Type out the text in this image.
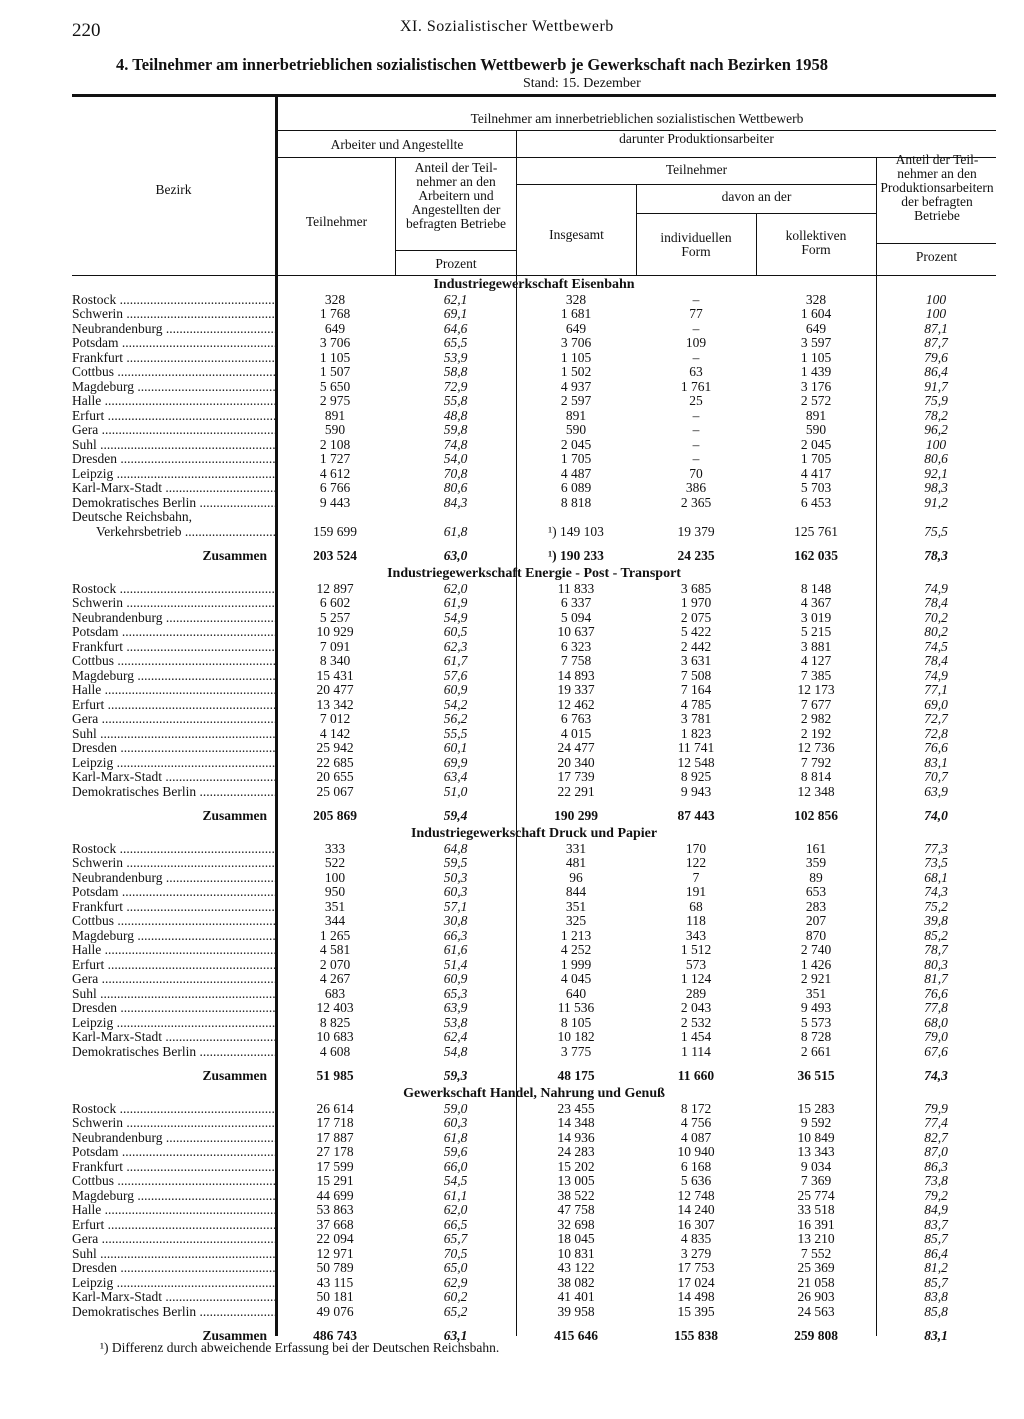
220	XI. Sozialistischer Wettbewerb
4. Teilnehmer am innerbetrieblichen sozialistischen Wettbewerb je Gewerkschaft nach Bezirken 1958
Stand: 15. Dezember
Bezirk
Teilnehmer am innerbetrieblichen sozialistischen Wettbewerb
Arbeiter und Angestellte	darunter Produktionsarbeiter
Teilnehmer
Anteil der Teilnehmer an den Arbeitern und Angestellten der befragten Betriebe
Prozent
Teilnehmer
Insgesamt
davon an der
individuellen Form
kollektiven Form
Anteil der Teilnehmer an den Produktionsarbeitern der befragten Betriebe
Prozent
Industriegewerkschaft Eisenbahn						
Rostock .....	328	62,1	328	–	328	100
Schwerin .....	1 768	69,1	1 681	77	1 604	100
Neubrandenburg .....	649	64,6	649	–	649	87,1
Potsdam .....	3 706	65,5	3 706	109	3 597	87,7
Frankfurt .....	1 105	53,9	1 105	–	1 105	79,6
Cottbus .....	1 507	58,8	1 502	63	1 439	86,4
Magdeburg .....	5 650	72,9	4 937	1 761	3 176	91,7
Halle .....	2 975	55,8	2 597	25	2 572	75,9
Erfurt .....	891	48,8	891	–	891	78,2
Gera .....	590	59,8	590	–	590	96,2
Suhl .....	2 108	74,8	2 045	–	2 045	100
Dresden .....	1 727	54,0	1 705	–	1 705	80,6
Leipzig .....	4 612	70,8	4 487	70	4 417	92,1
Karl-Marx-Stadt .....	6 766	80,6	6 089	386	5 703	98,3
Demokratisches Berlin .....	9 443	84,3	8 818	2 365	6 453	91,2
Deutsche Reichsbahn,						
Verkehrsbetrieb .....	159 699	61,8	¹) 149 103	19 379	125 761	75,5
Zusammen	203 524	63,0	¹) 190 233	24 235	162 035	78,3
Industriegewerkschaft Energie - Post - Transport						
Rostock .....	12 897	62,0	11 833	3 685	8 148	74,9
Schwerin .....	6 602	61,9	6 337	1 970	4 367	78,4
Neubrandenburg .....	5 257	54,9	5 094	2 075	3 019	70,2
Potsdam .....	10 929	60,5	10 637	5 422	5 215	80,2
Frankfurt .....	7 091	62,3	6 323	2 442	3 881	74,5
Cottbus .....	8 340	61,7	7 758	3 631	4 127	78,4
Magdeburg .....	15 431	57,6	14 893	7 508	7 385	74,9
Halle .....	20 477	60,9	19 337	7 164	12 173	77,1
Erfurt .....	13 342	54,2	12 462	4 785	7 677	69,0
Gera .....	7 012	56,2	6 763	3 781	2 982	72,7
Suhl .....	4 142	55,5	4 015	1 823	2 192	72,8
Dresden .....	25 942	60,1	24 477	11 741	12 736	76,6
Leipzig .....	22 685	69,9	20 340	12 548	7 792	83,1
Karl-Marx-Stadt .....	20 655	63,4	17 739	8 925	8 814	70,7
Demokratisches Berlin .....	25 067	51,0	22 291	9 943	12 348	63,9
Zusammen	205 869	59,4	190 299	87 443	102 856	74,0
Industriegewerkschaft Druck und Papier						
Rostock .....	333	64,8	331	170	161	77,3
Schwerin .....	522	59,5	481	122	359	73,5
Neubrandenburg .....	100	50,3	96	7	89	68,1
Potsdam .....	950	60,3	844	191	653	74,3
Frankfurt .....	351	57,1	351	68	283	75,2
Cottbus .....	344	30,8	325	118	207	39,8
Magdeburg .....	1 265	66,3	1 213	343	870	85,2
Halle .....	4 581	61,6	4 252	1 512	2 740	78,7
Erfurt .....	2 070	51,4	1 999	573	1 426	80,3
Gera .....	4 267	60,9	4 045	1 124	2 921	81,7
Suhl .....	683	65,3	640	289	351	76,6
Dresden .....	12 403	63,9	11 536	2 043	9 493	77,8
Leipzig .....	8 825	53,8	8 105	2 532	5 573	68,0
Karl-Marx-Stadt .....	10 683	62,4	10 182	1 454	8 728	79,0
Demokratisches Berlin .....	4 608	54,8	3 775	1 114	2 661	67,6
Zusammen	51 985	59,3	48 175	11 660	36 515	74,3
Gewerkschaft Handel, Nahrung und Genuß						
Rostock .....	26 614	59,0	23 455	8 172	15 283	79,9
Schwerin .....	17 718	60,3	14 348	4 756	9 592	77,4
Neubrandenburg .....	17 887	61,8	14 936	4 087	10 849	82,7
Potsdam .....	27 178	59,6	24 283	10 940	13 343	87,0
Frankfurt .....	17 599	66,0	15 202	6 168	9 034	86,3
Cottbus .....	15 291	54,5	13 005	5 636	7 369	73,8
Magdeburg .....	44 699	61,1	38 522	12 748	25 774	79,2
Halle .....	53 863	62,0	47 758	14 240	33 518	84,9
Erfurt .....	37 668	66,5	32 698	16 307	16 391	83,7
Gera .....	22 094	65,7	18 045	4 835	13 210	85,7
Suhl .....	12 971	70,5	10 831	3 279	7 552	86,4
Dresden .....	50 789	65,0	43 122	17 753	25 369	81,2
Leipzig .....	43 115	62,9	38 082	17 024	21 058	85,7
Karl-Marx-Stadt .....	50 181	60,2	41 401	14 498	26 903	83,8
Demokratisches Berlin .....	49 076	65,2	39 958	15 395	24 563	85,8
Zusammen	486 743	63,1	415 646	155 838	259 808	83,1
¹) Differenz durch abweichende Erfassung bei der Deutschen Reichsbahn.
